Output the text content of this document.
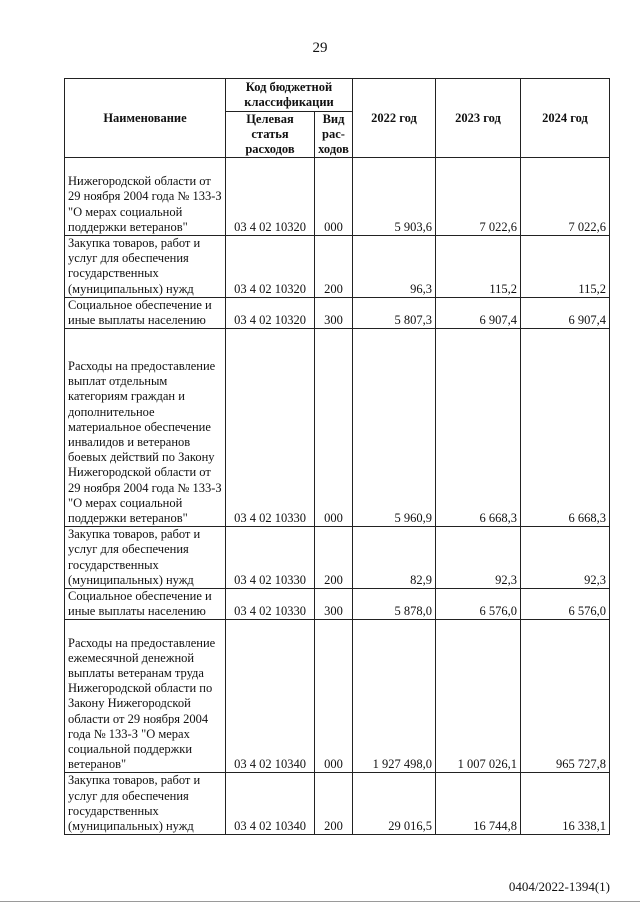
29
Наименование	Код бюджетной классификации		2022 год	2023 год	2024 год
	Целевая статья расходов	Вид рас-ходов			
Нижегородской области от 29 ноября 2004 года № 133-З "О мерах социальной поддержки ветеранов"	03 4 02 10320	000	5 903,6	7 022,6	7 022,6
Закупка товаров, работ и услуг для обеспечения государственных (муниципальных) нужд	03 4 02 10320	200	96,3	115,2	115,2
Социальное обеспечение и иные выплаты населению	03 4 02 10320	300	5 807,3	6 907,4	6 907,4
Расходы на предоставление выплат отдельным категориям граждан и дополнительное материальное обеспечение инвалидов и ветеранов боевых действий по Закону Нижегородской области от 29 ноября 2004 года № 133-З "О мерах социальной поддержки ветеранов"	03 4 02 10330	000	5 960,9	6 668,3	6 668,3
Закупка товаров, работ и услуг для обеспечения государственных (муниципальных) нужд	03 4 02 10330	200	82,9	92,3	92,3
Социальное обеспечение и иные выплаты населению	03 4 02 10330	300	5 878,0	6 576,0	6 576,0
Расходы на предоставление ежемесячной денежной выплаты ветеранам труда Нижегородской области по Закону Нижегородской области от 29 ноября 2004 года № 133-З "О мерах социальной поддержки ветеранов"	03 4 02 10340	000	1 927 498,0	1 007 026,1	965 727,8
Закупка товаров, работ и услуг для обеспечения государственных (муниципальных) нужд	03 4 02 10340	200	29 016,5	16 744,8	16 338,1
0404/2022-1394(1)
